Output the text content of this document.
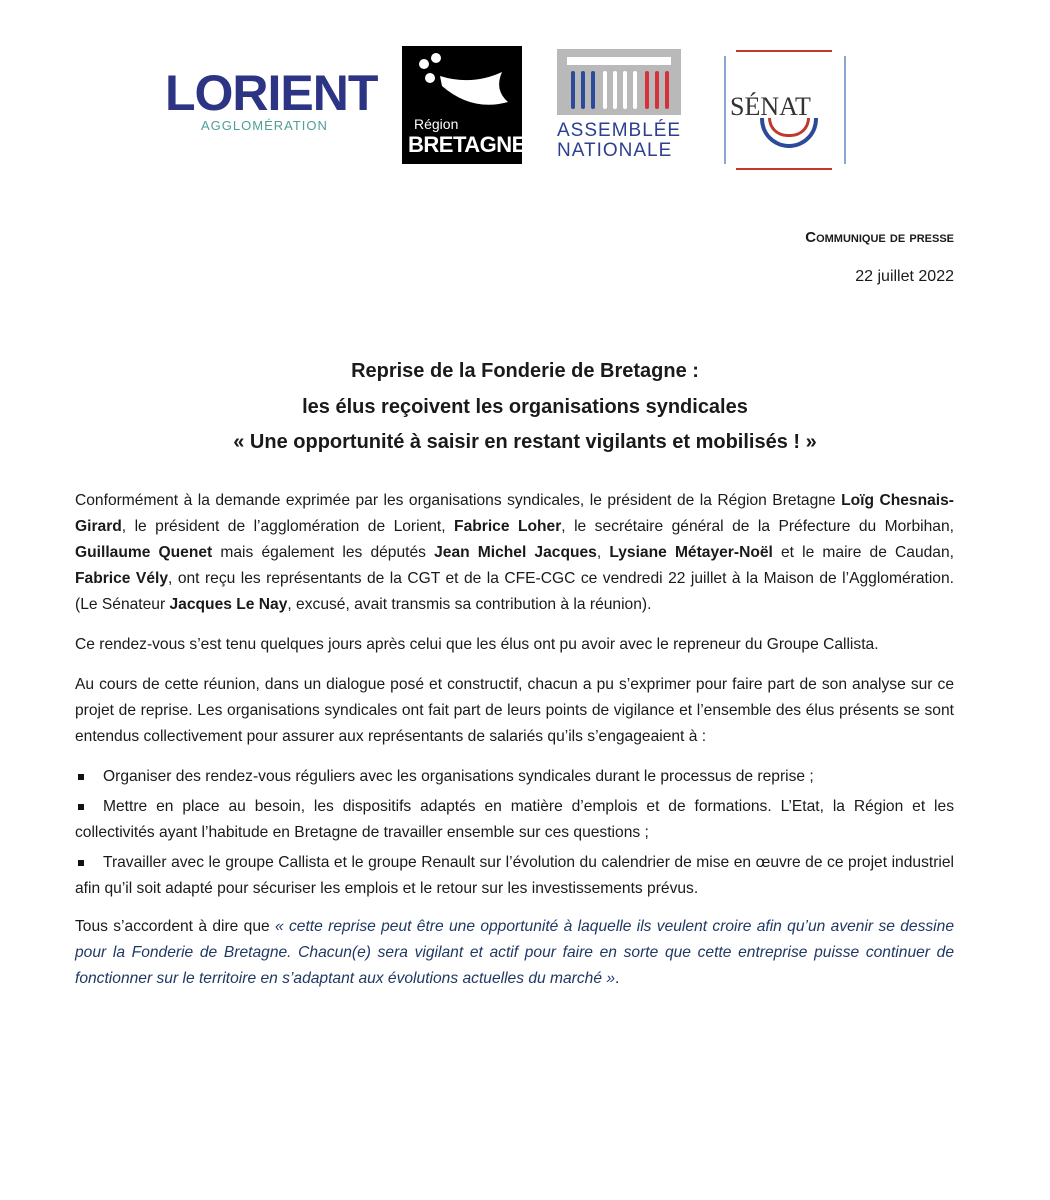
LORIENT
AGGLOMÉRATION	Région
BRETAGNE
ASSEMBLÉE
NATIONALE
SÉNAT
Communique de presse
22 juillet 2022
Reprise de la Fonderie de Bretagne :
les élus reçoivent les organisations syndicales
« Une opportunité à saisir en restant vigilants et mobilisés ! »

Conformément à la demande exprimée par les organisations syndicales, le président de la Région Bretagne Loïg Chesnais-Girard, le président de l’agglomération de Lorient, Fabrice Loher, le secrétaire général de la Préfecture du Morbihan, Guillaume Quenet mais également les députés Jean Michel Jacques, Lysiane Métayer-Noël et le maire de Caudan, Fabrice Vély, ont reçu les représentants de la CGT et de la CFE-CGC ce vendredi 22 juillet à la Maison de l’Agglomération. (Le Sénateur Jacques Le Nay, excusé, avait transmis sa contribution à la réunion).

Ce rendez-vous s’est tenu quelques jours après celui que les élus ont pu avoir avec le repreneur du Groupe Callista.

Au cours de cette réunion, dans un dialogue posé et constructif, chacun a pu s’exprimer pour faire part de son analyse sur ce projet de reprise. Les organisations syndicales ont fait part de leurs points de vigilance et l’ensemble des élus présents se sont entendus collectivement pour assurer aux représentants de salariés qu’ils s’engageaient à :

Organiser des rendez-vous réguliers avec les organisations syndicales durant le processus de reprise ;

Mettre en place au besoin, les dispositifs adaptés en matière d’emplois et de formations. L’Etat, la Région et les collectivités ayant l’habitude en Bretagne de travailler ensemble sur ces questions ;

Travailler avec le groupe Callista et le groupe Renault sur l’évolution du calendrier de mise en œuvre de ce projet industriel afin qu’il soit adapté pour sécuriser les emplois et le retour sur les investissements prévus.

Tous s’accordent à dire que « cette reprise peut être une opportunité à laquelle ils veulent croire afin qu’un avenir se dessine pour la Fonderie de Bretagne. Chacun(e) sera vigilant et actif pour faire en sorte que cette entreprise puisse continuer de fonctionner sur le territoire en s’adaptant aux évolutions actuelles du marché ».
